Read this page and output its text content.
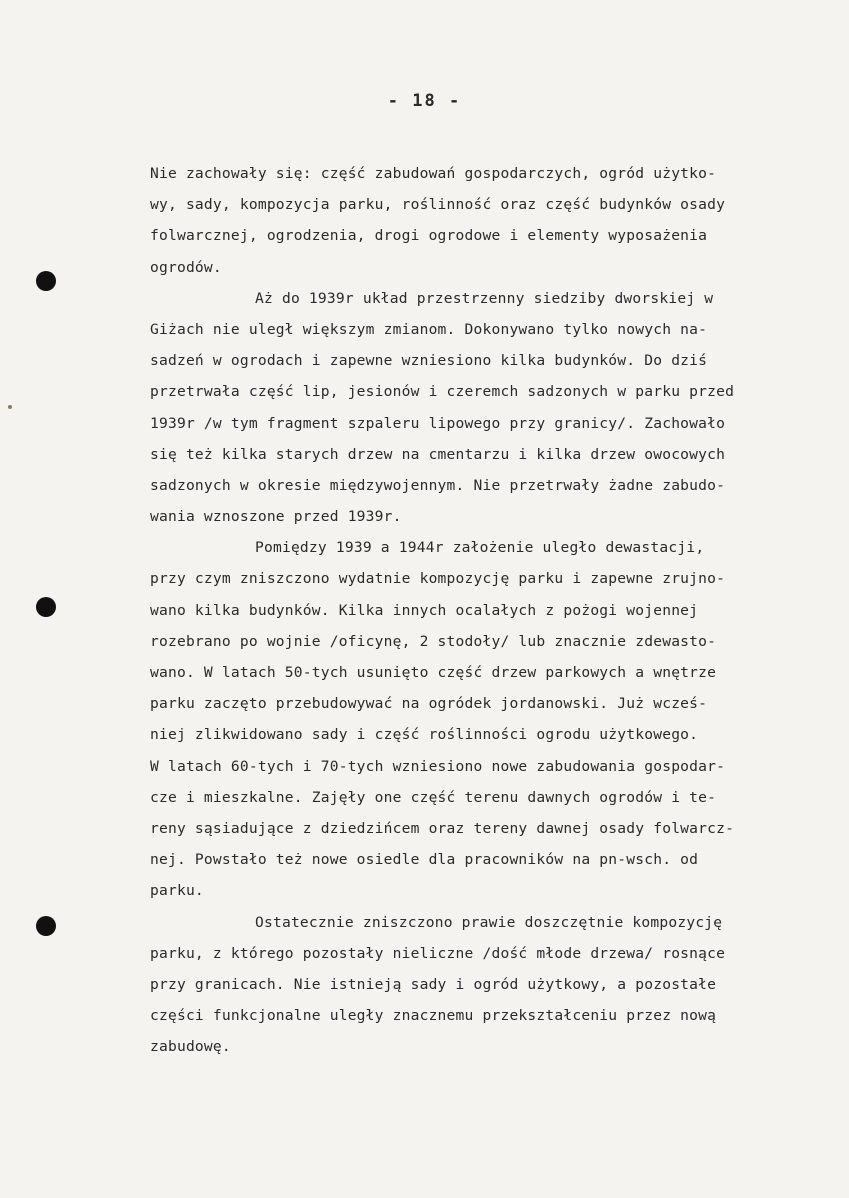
- 18 -
Nie zachowały się: część zabudowań gospodarczych, ogród użytko-
wy, sady, kompozycja parku, roślinność oraz część budynków osady
folwarcznej, ogrodzenia, drogi ogrodowe i elementy wyposażenia
ogrodów.
Aż do 1939r układ przestrzenny siedziby dworskiej w
Giżach nie uległ większym zmianom. Dokonywano tylko nowych na-
sadzeń w ogrodach i zapewne wzniesiono kilka budynków. Do dziś
przetrwała część lip, jesionów i czeremch sadzonych w parku przed
1939r /w tym fragment szpaleru lipowego przy granicy/. Zachowało
się też kilka starych drzew na cmentarzu i kilka drzew owocowych
sadzonych w okresie międzywojennym. Nie przetrwały żadne zabudo-
wania wznoszone przed 1939r.
Pomiędzy 1939 a 1944r założenie uległo dewastacji,
przy czym zniszczono wydatnie kompozycję parku i zapewne zrujno-
wano kilka budynków. Kilka innych ocalałych z pożogi wojennej
rozebrano po wojnie /oficynę, 2 stodoły/ lub znacznie zdewasto-
wano. W latach 50-tych usunięto część drzew parkowych a wnętrze
parku zaczęto przebudowywać na ogródek jordanowski. Już wcześ-
niej zlikwidowano sady i część roślinności ogrodu użytkowego.
W latach 60-tych i 70-tych wzniesiono nowe zabudowania gospodar-
cze i mieszkalne. Zajęły one część terenu dawnych ogrodów i te-
reny sąsiadujące z dziedzińcem oraz tereny dawnej osady folwarcz-
nej. Powstało też nowe osiedle dla pracowników na pn-wsch. od
parku.
Ostatecznie zniszczono prawie doszczętnie kompozycję
parku, z którego pozostały nieliczne /dość młode drzewa/ rosnące
przy granicach. Nie istnieją sady i ogród użytkowy, a pozostałe
części funkcjonalne uległy znacznemu przekształceniu przez nową
zabudowę.
